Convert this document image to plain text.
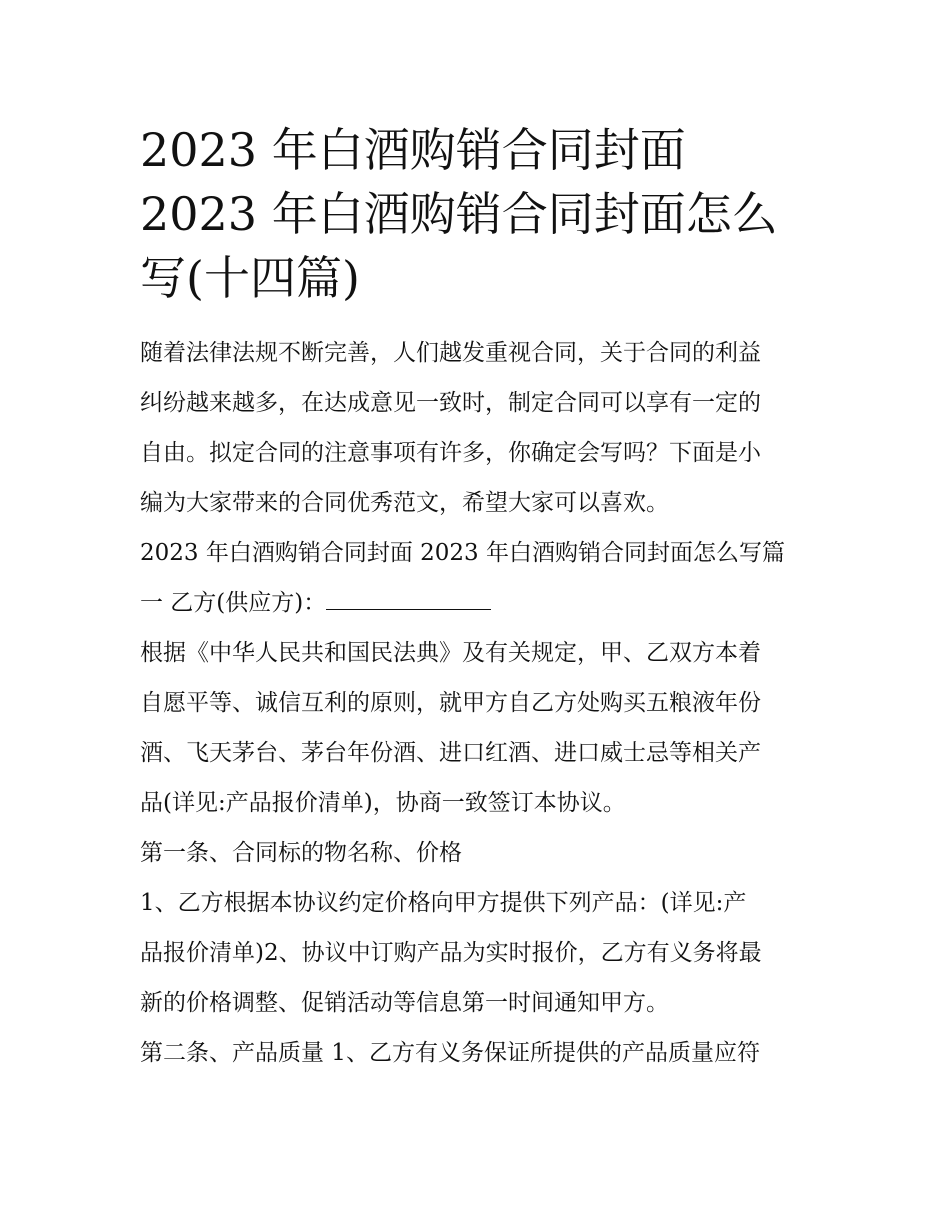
2023 年白酒购销合同封面
2023 年白酒购销合同封面怎么
写(十四篇)
随着法律法规不断完善，人们越发重视合同，关于合同的利益
纠纷越来越多，在达成意见一致时，制定合同可以享有一定的
自由。拟定合同的注意事项有许多，你确定会写吗？下面是小
编为大家带来的合同优秀范文，希望大家可以喜欢。
2023 年白酒购销合同封面 2023 年白酒购销合同封面怎么写篇
一 乙方(供应方)：
根据《中华人民共和国民法典》及有关规定，甲、乙双方本着
自愿平等、诚信互利的原则，就甲方自乙方处购买五粮液年份
酒、飞天茅台、茅台年份酒、进口红酒、进口威士忌等相关产
品(详见:产品报价清单)，协商一致签订本协议。
第一条、合同标的物名称、价格
1、乙方根据本协议约定价格向甲方提供下列产品：(详见:产
品报价清单)2、协议中订购产品为实时报价，乙方有义务将最
新的价格调整、促销活动等信息第一时间通知甲方。
第二条、产品质量 1、乙方有义务保证所提供的产品质量应符
